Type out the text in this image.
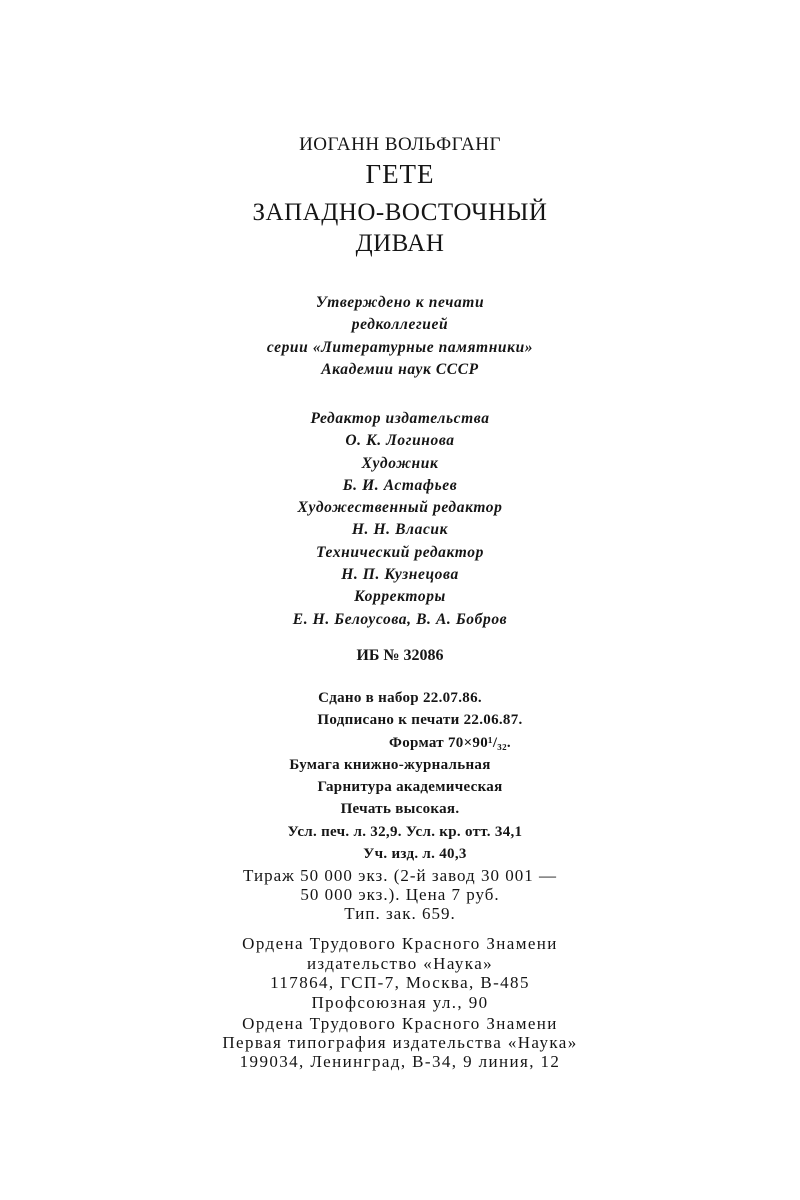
ИОГАНН ВОЛЬФГАНГ
ГЕТЕ
ЗАПАДНО-ВОСТОЧНЫЙ
ДИВАН
Утверждено к печати
редколлегией
серии «Литературные памятники»
Академии наук СССР
Редактор издательства
О. К. Логинова
Художник
Б. И. Астафьев
Художественный редактор
Н. Н. Власик
Технический редактор
Н. П. Кузнецова
Корректоры
Е. Н. Белоусова, В. А. Бобров
ИБ № 32086
Сдано в набор 22.07.86.
Подписано к печати 22.06.87.
Формат 70×90¹/₃₂.
Бумага книжно-журнальная
Гарнитура академическая
Печать высокая.
Усл. печ. л. 32,9. Усл. кр. отт. 34,1
Уч. изд. л. 40,3
Тираж 50 000 экз. (2-й завод 30 001 —
50 000 экз.). Цена 7 руб.
Тип. зак. 659.
Ордена Трудового Красного Знамени
издательство «Наука»
117864, ГСП-7, Москва, В-485
Профсоюзная ул., 90
Ордена Трудового Красного Знамени
Первая типография издательства «Наука»
199034, Ленинград, В-34, 9 линия, 12
